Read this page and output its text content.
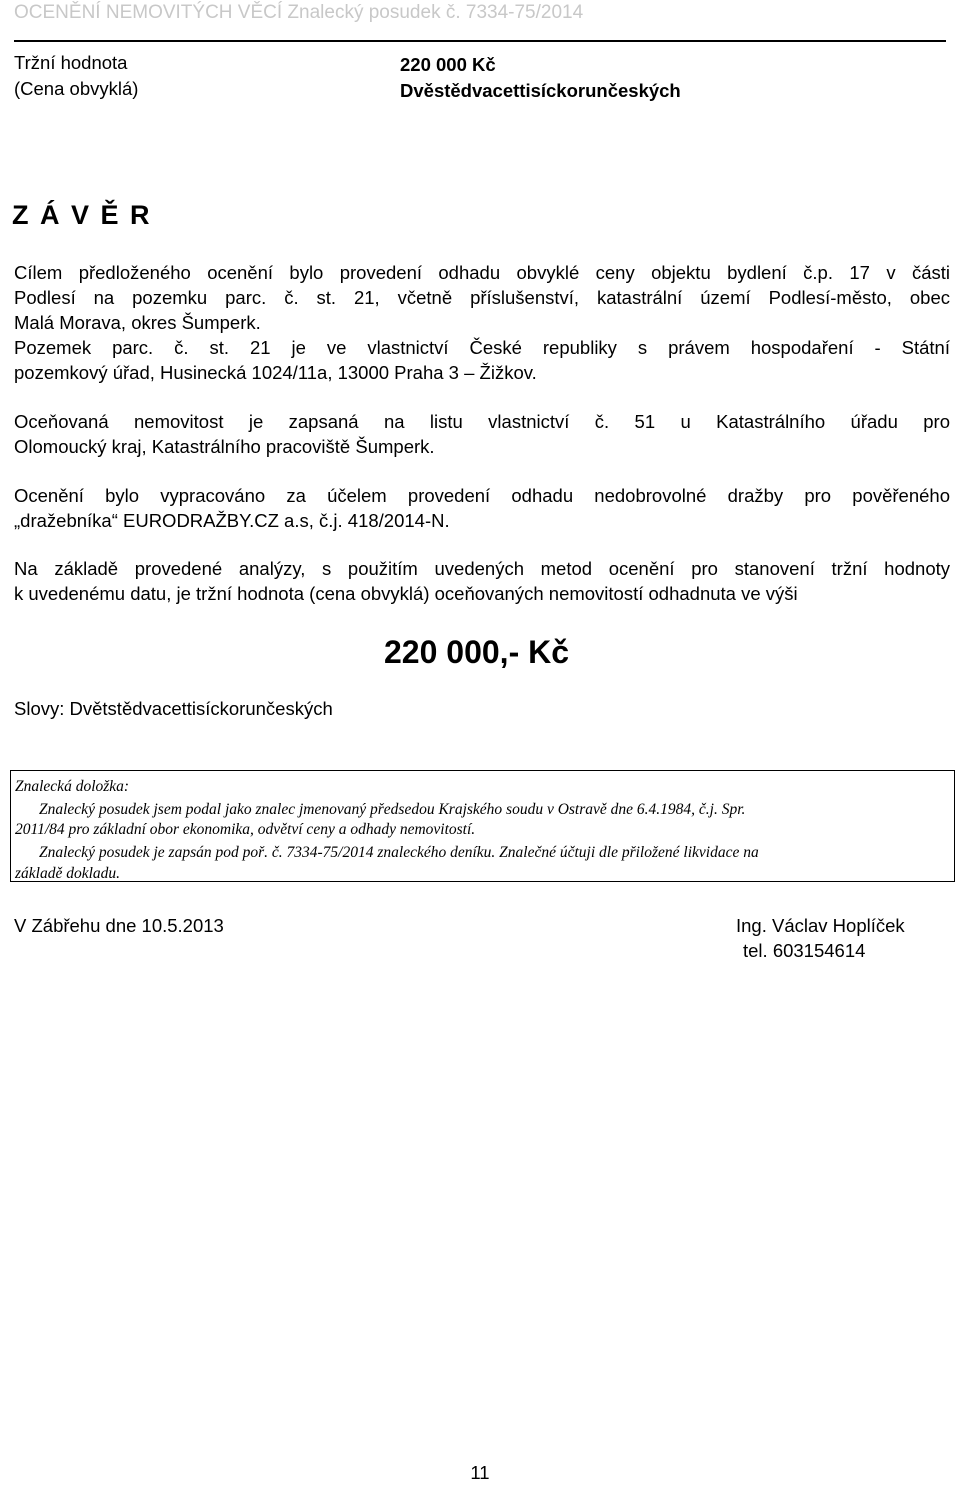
OCENĚNÍ NEMOVITÝCH VĚCÍ Znalecký posudek č. 7334-75/2014
Tržní hodnota
(Cena obvyklá)
220 000 Kč
Dvěstědvacettisíckorunčeských
Z Á V Ě R
Cílem předloženého ocenění bylo provedení odhadu obvyklé ceny objektu bydlení č.p. 17 v části
Podlesí na pozemku parc. č. st. 21, včetně příslušenství, katastrální území Podlesí-město, obec
Malá Morava, okres Šumperk.
Pozemek parc. č. st. 21 je ve vlastnictví České republiky s právem hospodaření - Státní
pozemkový úřad, Husinecká 1024/11a, 13000 Praha 3 – Žižkov.
Oceňovaná nemovitost je zapsaná na listu vlastnictví č. 51 u Katastrálního úřadu pro
Olomoucký kraj, Katastrálního pracoviště Šumperk.
Ocenění bylo vypracováno za účelem provedení odhadu nedobrovolné dražby pro pověřeného
„dražebníka“ EURODRAŽBY.CZ a.s, č.j. 418/2014-N.
Na základě provedené analýzy, s použitím uvedených metod ocenění pro stanovení tržní hodnoty
k uvedenému datu, je tržní hodnota (cena obvyklá) oceňovaných nemovitostí odhadnuta ve výši
220 000,- Kč
Slovy: Dvětstědvacettisíckorunčeských
Znalecká doložka:
Znalecký posudek jsem podal jako znalec jmenovaný předsedou Krajského soudu v Ostravě dne 6.4.1984, č.j. Spr.
2011/84 pro základní obor ekonomika, odvětví ceny a odhady nemovitostí.
Znalecký posudek je zapsán pod poř. č. 7334-75/2014 znaleckého deníku. Znalečné účtuji dle přiložené likvidace na
základě dokladu.
V Zábřehu dne 10.5.2013	Ing. Václav Hoplíček
tel. 603154614
11
